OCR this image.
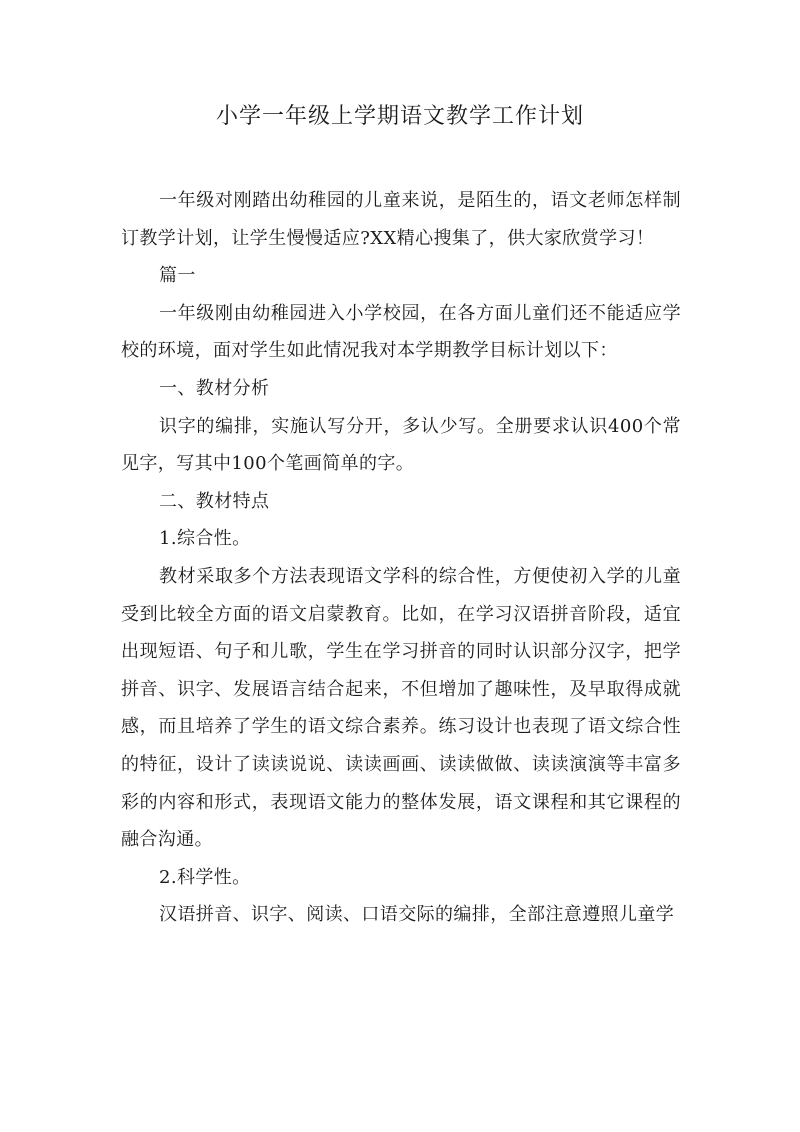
小学一年级上学期语文教学工作计划

一年级对刚踏出幼稚园的儿童来说，是陌生的，语文老师怎样制订教学计划，让学生慢慢适应?XX精心搜集了，供大家欣赏学习！

篇一

一年级刚由幼稚园进入小学校园，在各方面儿童们还不能适应学校的环境，面对学生如此情况我对本学期教学目标计划以下：

一、教材分析

识字的编排，实施认写分开，多认少写。全册要求认识400个常见字，写其中100个笔画简单的字。

二、教材特点

1.综合性。

教材采取多个方法表现语文学科的综合性，方便使初入学的儿童受到比较全方面的语文启蒙教育。比如，在学习汉语拼音阶段，适宜出现短语、句子和儿歌，学生在学习拼音的同时认识部分汉字，把学拼音、识字、发展语言结合起来，不但增加了趣味性，及早取得成就感，而且培养了学生的语文综合素养。练习设计也表现了语文综合性的特征，设计了读读说说、读读画画、读读做做、读读演演等丰富多彩的内容和形式，表现语文能力的整体发展，语文课程和其它课程的融合沟通。

2.科学性。

汉语拼音、识字、阅读、口语交际的编排，全部注意遵照儿童学
